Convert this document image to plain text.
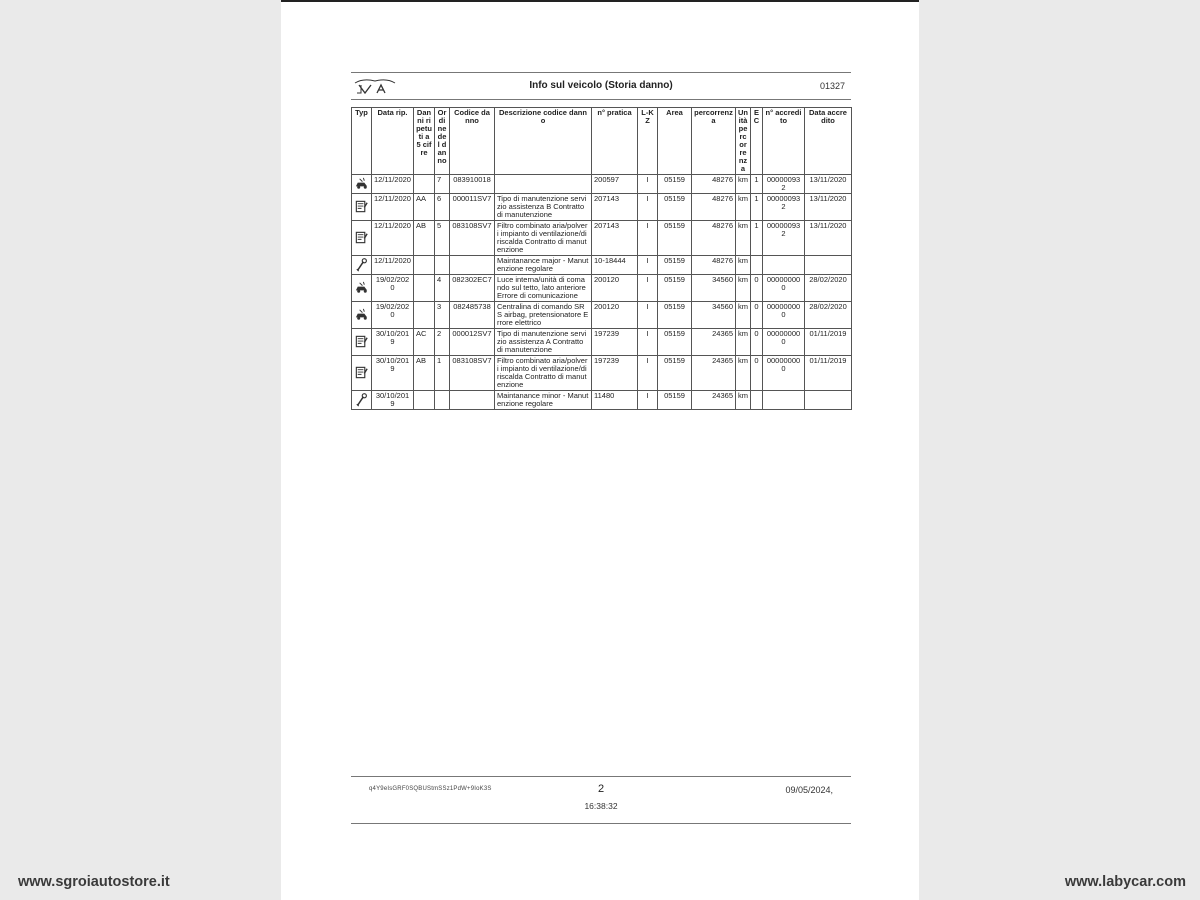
Info sul veicolo (Storia danno)	01327
Typ	Data rip.	Danni ripetuti a 5 cifre	Ordine del danno	Codice danno	Descrizione codice danno	n° pratica	L-KZ	Area	percorrenza	Unità percorrenza	EC	n° accredito	Data accredito
	12/11/2020		7	083910018		200597	I	05159	48276	km	1	000000932	13/11/2020
	12/11/2020	AA	6	000011SV7	Tipo di manutenzione servizio assistenza B Contratto di manutenzione	207143	I	05159	48276	km	1	000000932	13/11/2020
	12/11/2020	AB	5	083108SV7	Filtro combinato aria/polveri impianto di ventilazione/di riscalda Contratto di manutenzione	207143	I	05159	48276	km	1	000000932	13/11/2020
	12/11/2020				Maintanance major - Manutenzione regolare	10-18444	I	05159	48276	km			
	19/02/2020		4	082302EC7	Luce interna/unità di comando sul tetto, lato anteriore Errore di comunicazione	200120	I	05159	34560	km	0	000000000	28/02/2020
	19/02/2020		3	082485738	Centralina di comando SRS airbag, pretensionatore Errore elettrico	200120	I	05159	34560	km	0	000000000	28/02/2020
	30/10/2019	AC	2	000012SV7	Tipo di manutenzione servizio assistenza A Contratto di manutenzione	197239	I	05159	24365	km	0	000000000	01/11/2019
	30/10/2019	AB	1	083108SV7	Filtro combinato aria/polveri impianto di ventilazione/di riscalda Contratto di manutenzione	197239	I	05159	24365	km	0	000000000	01/11/2019
	30/10/2019				Maintanance minor - Manutenzione regolare	11480	I	05159	24365	km			
q4Y9eIsGRF0SQBUStmSSz1PdW+9IoK3S	2	09/05/2024,
16:38:32
www.sgroiautostore.it	www.labycar.com
